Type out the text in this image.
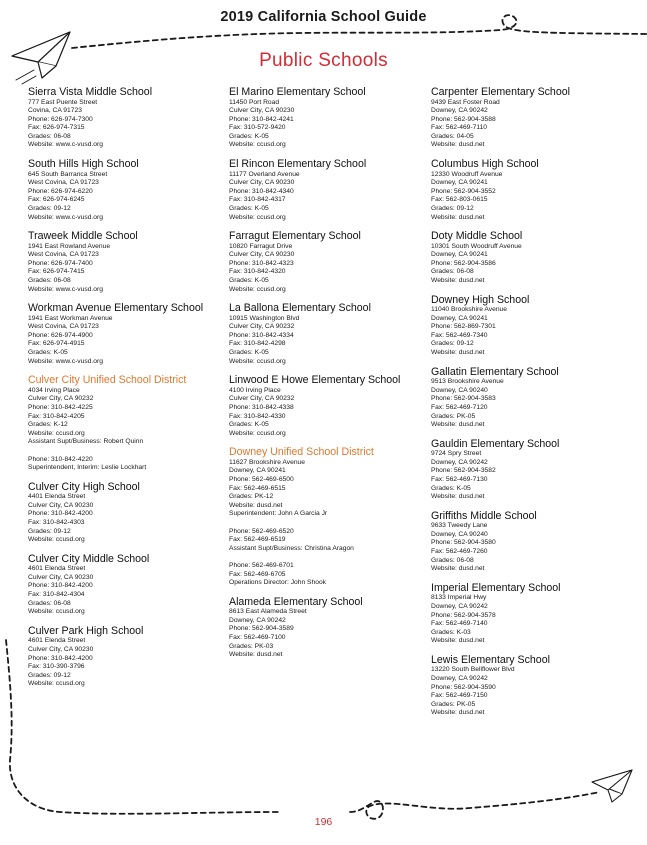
2019 California School Guide
Public Schools
Sierra Vista Middle School
777 East Puente Street
Covina, CA 91723
Phone: 626-974-7300
Fax: 626-974-7315
Grades: 06-08
Website: www.c-vusd.org
South Hills High School
645 South Barranca Street
West Covina, CA 91723
Phone: 626-974-6220
Fax: 626-974-6245
Grades: 09-12
Website: www.c-vusd.org
Traweek Middle School
1941 East Rowland Avenue
West Covina, CA 91723
Phone: 626-974-7400
Fax: 626-974-7415
Grades: 06-08
Website: www.c-vusd.org
Workman Avenue Elementary School
1941 East Workman Avenue
West Covina, CA 91723
Phone: 626-974-4900
Fax: 626-974-4915
Grades: K-05
Website: www.c-vusd.org
Culver City Unified School District
4034 Irving Place
Culver City, CA 90232
Phone: 310-842-4225
Fax: 310-842-4205
Grades: K-12
Website: ccusd.org
Assistant Supt/Business: Robert Quinn
Phone: 310-842-4220
Superintendent, Interim: Leslie Lockhart
Culver City High School
4401 Elenda Street
Culver City, CA 90230
Phone: 310-842-4200
Fax: 310-842-4303
Grades: 09-12
Website: ccusd.org
Culver City Middle School
4601 Elenda Street
Culver City, CA 90230
Phone: 310-842-4200
Fax: 310-842-4304
Grades: 06-08
Website: ccusd.org
Culver Park High School
4601 Elenda Street
Culver City, CA 90230
Phone: 310-842-4200
Fax: 310-390-3796
Grades: 09-12
Website: ccusd.org
El Marino Elementary School
11450 Port Road
Culver City, CA 90230
Phone: 310-842-4241
Fax: 310-572-9420
Grades: K-05
Website: ccusd.org
El Rincon Elementary School
11177 Overland Avenue
Culver City, CA 90230
Phone: 310-842-4340
Fax: 310-842-4317
Grades: K-05
Website: ccusd.org
Farragut Elementary School
10820 Farragut Drive
Culver City, CA 90230
Phone: 310-842-4323
Fax: 310-842-4320
Grades: K-05
Website: ccusd.org
La Ballona Elementary School
10915 Washington Blvd
Culver City, CA 90232
Phone: 310-842-4334
Fax: 310-842-4298
Grades: K-05
Website: ccusd.org
Linwood E Howe Elementary School
4100 Irving Place
Culver City, CA 90232
Phone: 310-842-4338
Fax: 310-842-4330
Grades: K-05
Website: ccusd.org
Downey Unified School District
11627 Brookshire Avenue
Downey, CA 90241
Phone: 562-469-6500
Fax: 562-469-6515
Grades: PK-12
Website: dusd.net
Superintendent: John A Garcia Jr
Phone: 562-469-6520
Fax: 562-469-6519
Assistant Supt/Business: Christina Aragon
Phone: 562-469-6701
Fax: 562-469-6705
Operations Director: John Shook
Alameda Elementary School
8613 East Alameda Street
Downey, CA 90242
Phone: 562-904-3589
Fax: 562-469-7100
Grades: PK-03
Website: dusd.net
Carpenter Elementary School
9439 East Foster Road
Downey, CA 90242
Phone: 562-904-3588
Fax: 562-469-7110
Grades: 04-05
Website: dusd.net
Columbus High School
12330 Woodruff Avenue
Downey, CA 90241
Phone: 562-904-3552
Fax: 562-803-0615
Grades: 09-12
Website: dusd.net
Doty Middle School
10301 South Woodruff Avenue
Downey, CA 90241
Phone: 562-904-3586
Grades: 06-08
Website: dusd.net
Downey High School
11040 Brookshire Avenue
Downey, CA 90241
Phone: 562-869-7301
Fax: 562-469-7340
Grades: 09-12
Website: dusd.net
Gallatin Elementary School
9513 Brookshire Avenue
Downey, CA 90240
Phone: 562-904-3583
Fax: 562-469-7120
Grades: PK-05
Website: dusd.net
Gauldin Elementary School
9724 Spry Street
Downey, CA 90242
Phone: 562-904-3582
Fax: 562-469-7130
Grades: K-05
Website: dusd.net
Griffiths Middle School
9633 Tweedy Lane
Downey, CA 90240
Phone: 562-904-3580
Fax: 562-469-7260
Grades: 06-08
Website: dusd.net
Imperial Elementary School
8133 Imperial Hwy
Downey, CA 90242
Phone: 562-904-3578
Fax: 562-469-7140
Grades: K-03
Website: dusd.net
Lewis Elementary School
13220 South Bellflower Blvd
Downey, CA 90242
Phone: 562-904-3590
Fax: 562-469-7150
Grades: PK-05
Website: dusd.net
196
